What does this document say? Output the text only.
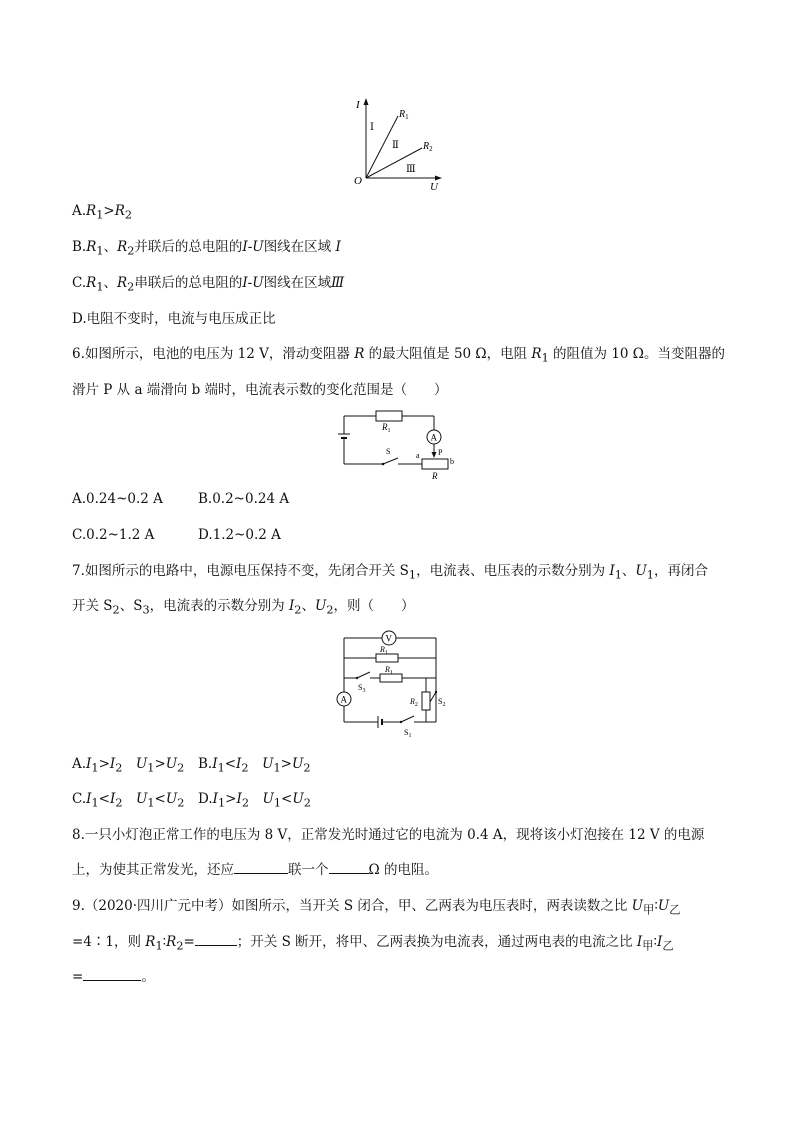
I
U
O
$R_1$
$R_2$
Ⅰ
Ⅱ
Ⅲ
$A.R_1>R_2$
$B.R_1$、$R_2$并联后的总电阻的I-U图线在区域 I
$C.R_1$、$R_2$串联后的总电阻的I-U图线在区域Ⅲ
D.电阻不变时，电流与电压成正比
6.如图所示，电池的电压为 12 V，滑动变阻器 R 的最大阻值是 50 Ω，电阻 $R_1$ 的阻值为 10 Ω。当变阻器的
滑片 P 从 a 端滑向 b 端时，电流表示数的变化范围是（　　）
A
$R_1$
S	a P
b
R
A.0.24~0.2 A	B.0.2~0.24 A
C.0.2~1.2 A	D.1.2~0.2 A
7.如图所示的电路中，电源电压保持不变，先闭合开关 $S_1$，电流表、电压表的示数分别为 $I_1$、$U_1$，再闭合
开关 $S_2$、$S_3$，电流表的示数分别为 $I_2$、$U_2$，则（　　）
V
$R_1$
$R_1$
$S_3$
$R_2$	$S_2$
A
$S_1$
$A.I_1>I_2$  $U_1>U_2$ $B.I_1<I_2$  $U_1>U_2$
$C.I_1<I_2$  $U_1<U_2$ $D.I_1>I_2$  $U_1<U_2$
8.一只小灯泡正常工作的电压为 8 V，正常发光时通过它的电流为 0.4 A，现将该小灯泡接在 12 V 的电源
上，为使其正常发光，还应	联一个	Ω 的电阻。
9.（2020·四川广元中考）如图所示，当开关 S 闭合，甲、乙两表为电压表时，两表读数之比 $U_甲∶U_乙$
=4∶1，则 $R_1∶R_2=$	；开关 S 断开，将甲、乙两表换为电流表，通过两电表的电流之比 $I_甲∶I_乙$
=	。
